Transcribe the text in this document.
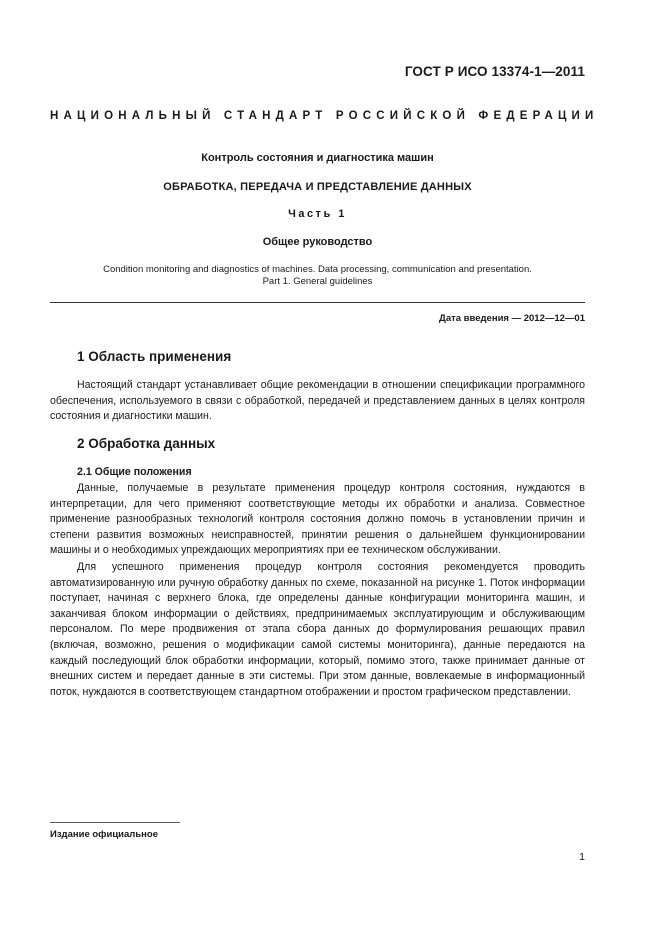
ГОСТ Р ИСО 13374-1—2011
НАЦИОНАЛЬНЫЙ СТАНДАРТ РОССИЙСКОЙ ФЕДЕРАЦИИ
Контроль состояния и диагностика машин
ОБРАБОТКА, ПЕРЕДАЧА И ПРЕДСТАВЛЕНИЕ ДАННЫХ
Часть 1
Общее руководство
Condition monitoring and diagnostics of machines. Data processing, communication and presentation.
Part 1. General guidelines
Дата введения — 2012—12—01
1 Область применения

Настоящий стандарт устанавливает общие рекомендации в отношении спецификации программного обеспечения, используемого в связи с обработкой, передачей и представлением данных в целях контроля состояния и диагностики машин.

2 Обработка данных
2.1 Общие положения

Данные, получаемые в результате применения процедур контроля состояния, нуждаются в интерпретации, для чего применяют соответствующие методы их обработки и анализа. Совместное применение разнообразных технологий контроля состояния должно помочь в установлении причин и степени развития возможных неисправностей, принятии решения о дальнейшем функционировании машины и о необходимых упреждающих мероприятиях при ее техническом обслуживании.

Для успешного применения процедур контроля состояния рекомендуется проводить автоматизированную или ручную обработку данных по схеме, показанной на рисунке 1. Поток информации поступает, начиная с верхнего блока, где определены данные конфигурации мониторинга машин, и заканчивая блоком информации о действиях, предпринимаемых эксплуатирующим и обслуживающим персоналом. По мере продвижения от этапа сбора данных до формулирования решающих правил (включая, возможно, решения о модификации самой системы мониторинга), данные передаются на каждый последующий блок обработки информации, который, помимо этого, также принимает данные от внешних систем и передает данные в эти системы. При этом данные, вовлекаемые в информационный поток, нуждаются в соответствующем стандартном отображении и простом графическом представлении.

Издание официальное
1
